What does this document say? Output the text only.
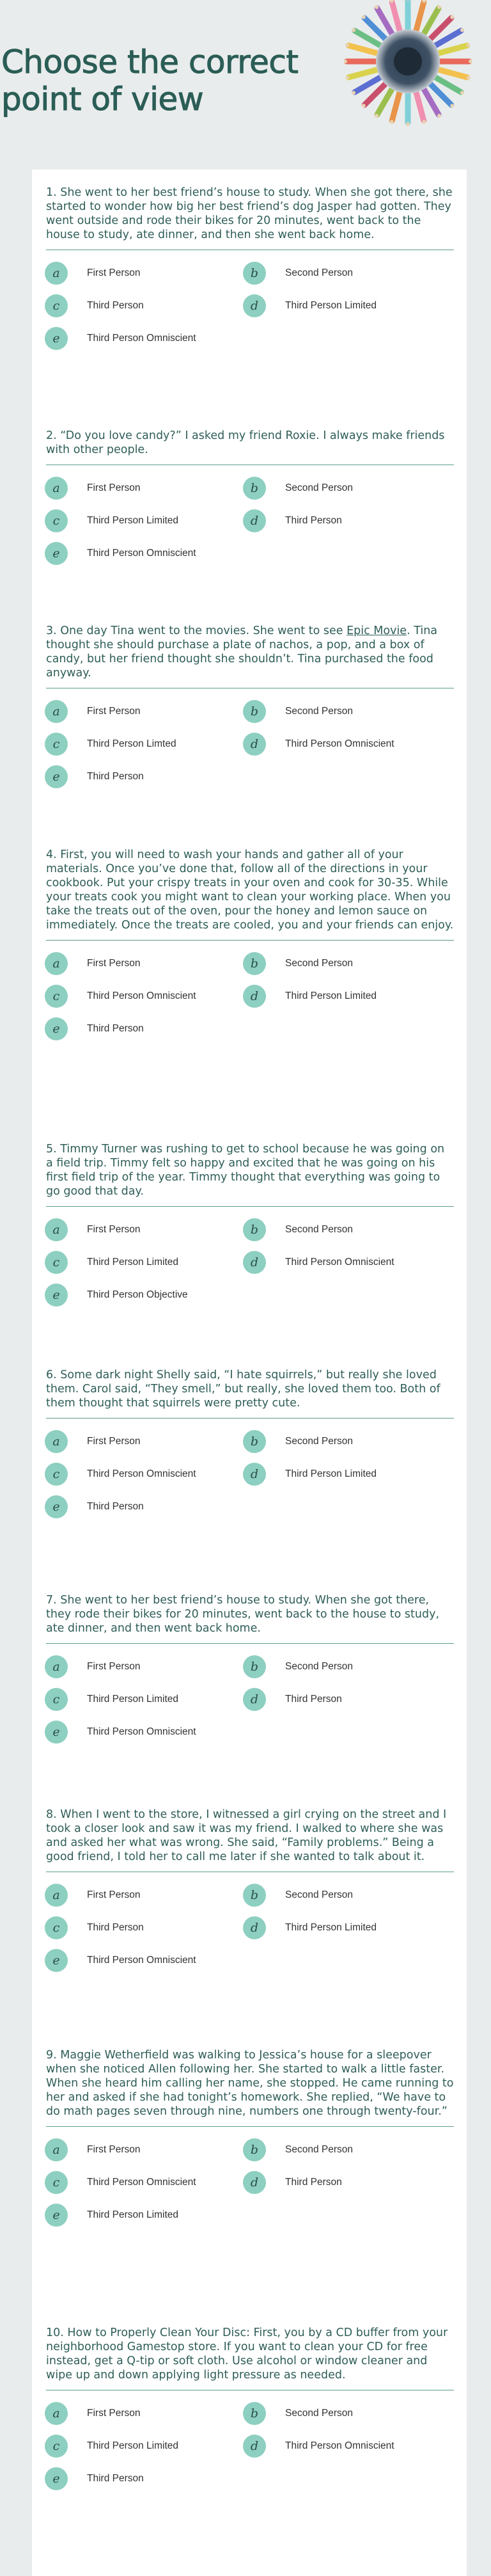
Choose the correct
point of view

1. She went to her best friend’s house to study. When she got there, she started to wonder how big her best friend’s dog Jasper had gotten. They went outside and rode their bikes for 20 minutes, went back to the house to study, ate dinner, and then she went back home.

a	First Person	b	Second Person
c	Third Person	d	Third Person Limited
e	Third Person Omniscient

2. “Do you love candy?” I asked my friend Roxie. I always make friends with other people.

a	First Person	b	Second Person
c	Third Person Limited	d	Third Person
e	Third Person Omniscient

3. One day Tina went to the movies. She went to see Epic Movie. Tina thought she should purchase a plate of nachos, a pop, and a box of candy, but her friend thought she shouldn’t. Tina purchased the food anyway.

a	First Person	b	Second Person
c	Third Person Limted	d	Third Person Omniscient
e	Third Person

4. First, you will need to wash your hands and gather all of your materials. Once you’ve done that, follow all of the directions in your cookbook. Put your crispy treats in your oven and cook for 30-35. While your treats cook you might want to clean your working place. When you take the treats out of the oven, pour the honey and lemon sauce on immediately. Once the treats are cooled, you and your friends can enjoy.

a	First Person	b	Second Person
c	Third Person Omniscient	d	Third Person Limited
e	Third Person

5. Timmy Turner was rushing to get to school because he was going on a field trip. Timmy felt so happy and excited that he was going on his first field trip of the year. Timmy thought that everything was going to go good that day.

a	First Person	b	Second Person
c	Third Person Limited	d	Third Person Omniscient
e	Third Person Objective

6. Some dark night Shelly said, “I hate squirrels,” but really she loved them. Carol said, “They smell,” but really, she loved them too. Both of them thought that squirrels were pretty cute.

a	First Person	b	Second Person
c	Third Person Omniscient	d	Third Person Limited
e	Third Person

7. She went to her best friend’s house to study. When she got there, they rode their bikes for 20 minutes, went back to the house to study, ate dinner, and then went back home.

a	First Person	b	Second Person
c	Third Person Limited	d	Third Person
e	Third Person Omniscient

8. When I went to the store, I witnessed a girl crying on the street and I took a closer look and saw it was my friend. I walked to where she was and asked her what was wrong. She said, “Family problems.” Being a good friend, I told her to call me later if she wanted to talk about it.

a	First Person	b	Second Person
c	Third Person	d	Third Person Limited
e	Third Person Omniscient

9. Maggie Wetherfield was walking to Jessica’s house for a sleepover when she noticed Allen following her. She started to walk a little faster. When she heard him calling her name, she stopped. He came running to her and asked if she had tonight’s homework. She replied, “We have to do math pages seven through nine, numbers one through twenty-four.”

a	First Person	b	Second Person
c	Third Person Omniscient	d	Third Person
e	Third Person Limited

10. How to Properly Clean Your Disc: First, you by a CD buffer from your neighborhood Gamestop store. If you want to clean your CD for free instead, get a Q-tip or soft cloth. Use alcohol or window cleaner and wipe up and down applying light pressure as needed.

a	First Person	b	Second Person
c	Third Person Limited	d	Third Person Omniscient
e	Third Person
